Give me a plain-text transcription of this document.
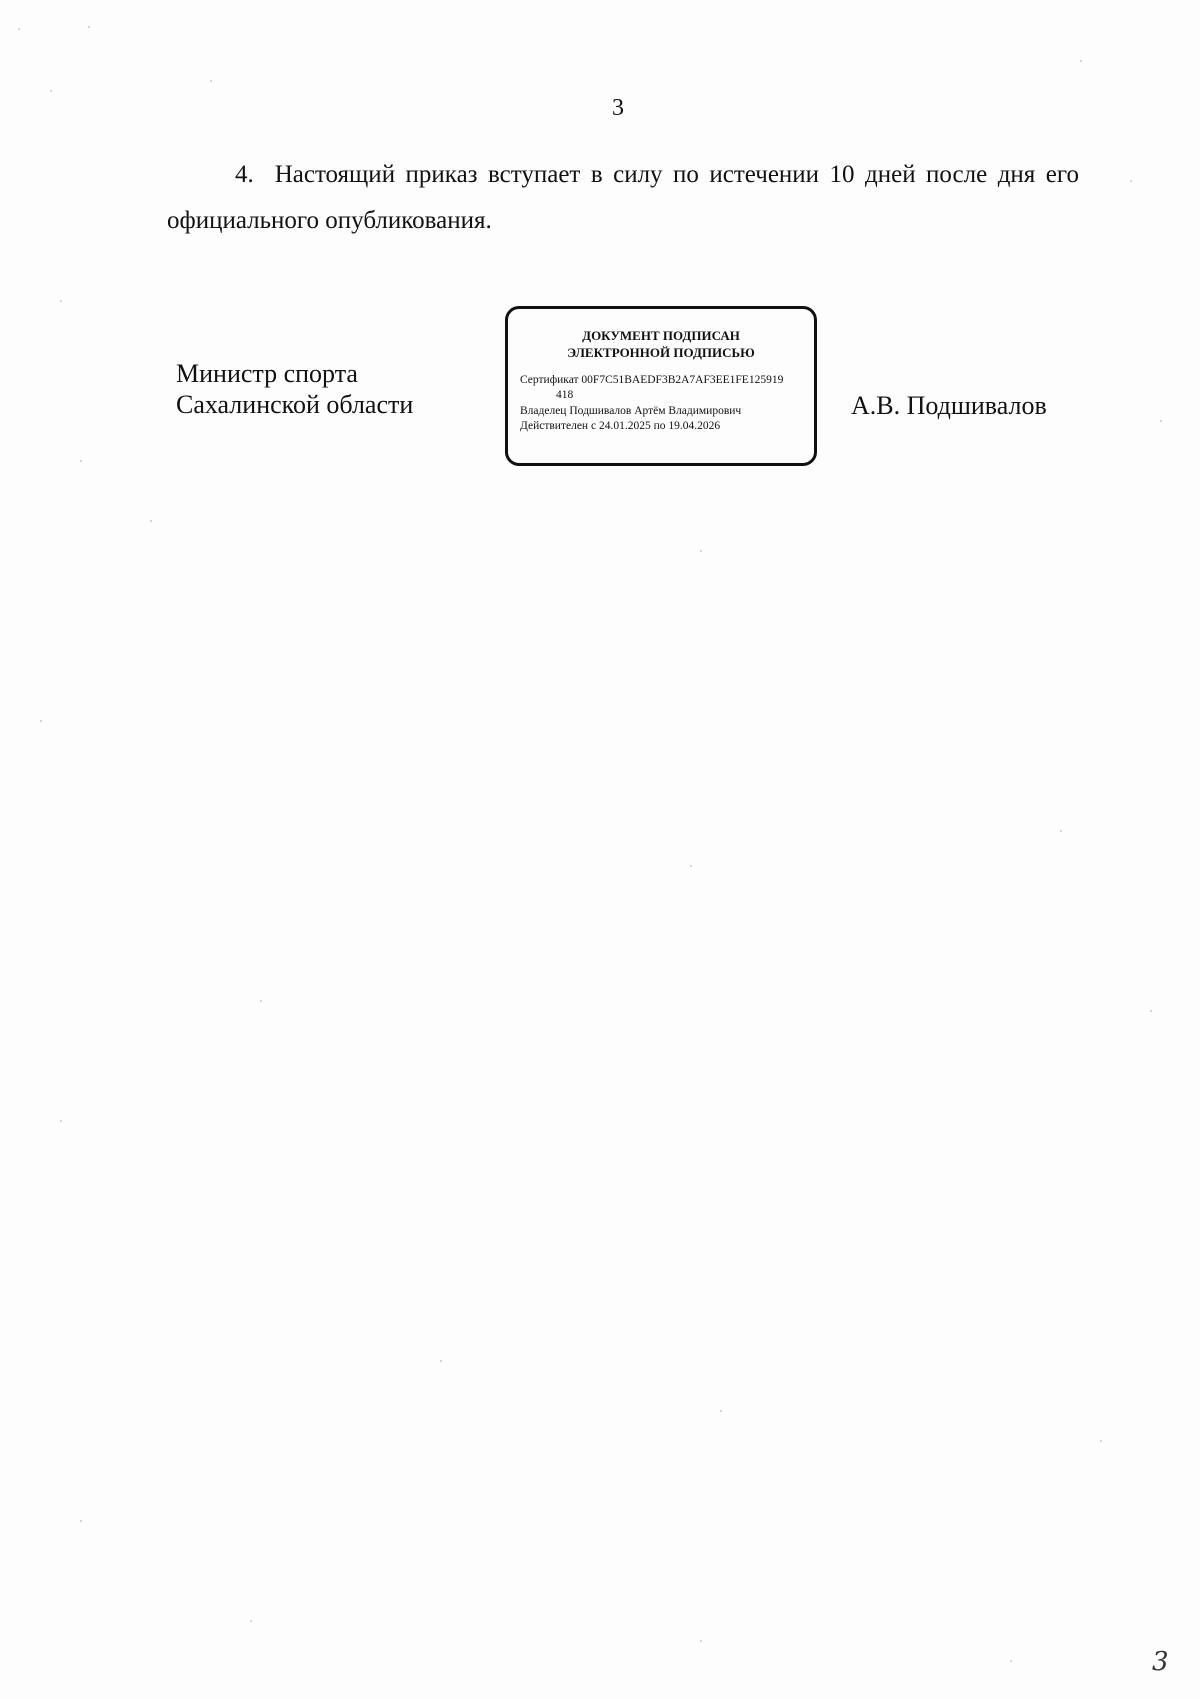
3

4.  Настоящий приказ вступает в силу по истечении 10 дней после дня его официального опубликования.

Министр спорта
Сахалинской области
ДОКУМЕНТ ПОДПИСАН
ЭЛЕКТРОННОЙ ПОДПИСЬЮ
Сертификат 00F7C51BAEDF3B2A7AF3EE1FE125919
418
Владелец Подшивалов Артём Владимирович
Действителен с 24.01.2025 по 19.04.2026
А.В. Подшивалов
3
